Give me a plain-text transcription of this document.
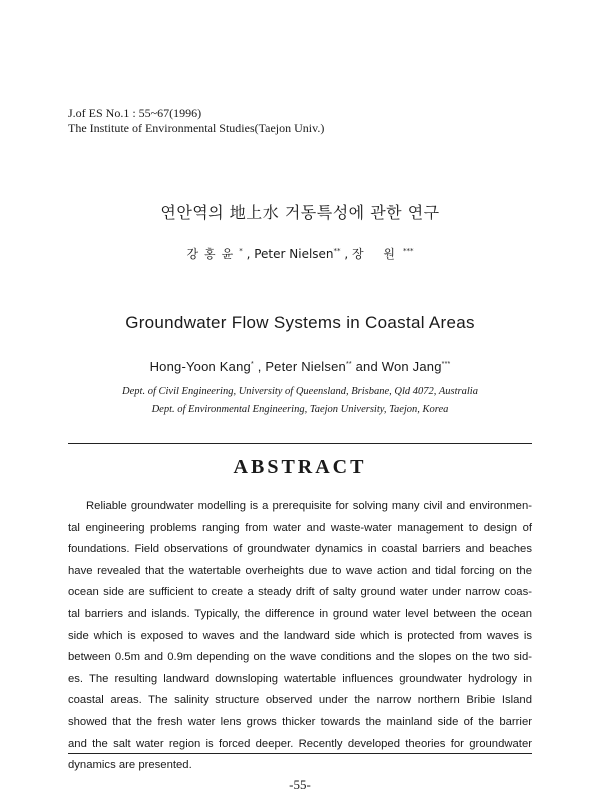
J.of ES No.1 : 55~67(1996)
The Institute of Environmental Studies(Taejon Univ.)
연안역의 地上水 거동특성에 관한 연구
강홍윤* , Peter Nielsen** , 장 원***
Groundwater Flow Systems in Coastal Areas
Hong-Yoon Kang* , Peter Nielsen** and Won Jang***
Dept. of Civil Engineering, University of Queensland, Brisbane, Qld 4072, Australia
Dept. of Environmental Engineering, Taejon University, Taejon, Korea
ABSTRACT
Reliable groundwater modelling is a prerequisite for solving many civil and environmen-
tal engineering problems ranging from water and waste-water management to design of
foundations. Field observations of groundwater dynamics in coastal barriers and beaches
have revealed that the watertable overheights due to wave action and tidal forcing on the
ocean side are sufficient to create a steady drift of salty ground water under narrow coas-
tal barriers and islands. Typically, the difference in ground water level between the ocean
side which is exposed to waves and the landward side which is protected from waves is
between 0.5m and 0.9m depending on the wave conditions and the slopes on the two sid-
es. The resulting landward downsloping watertable influences groundwater hydrology in
coastal areas. The salinity structure observed under the narrow northern Bribie Island
showed that the fresh water lens grows thicker towards the mainland side of the barrier
and the salt water region is forced deeper. Recently developed theories for groundwater
dynamics are presented.
-55-
